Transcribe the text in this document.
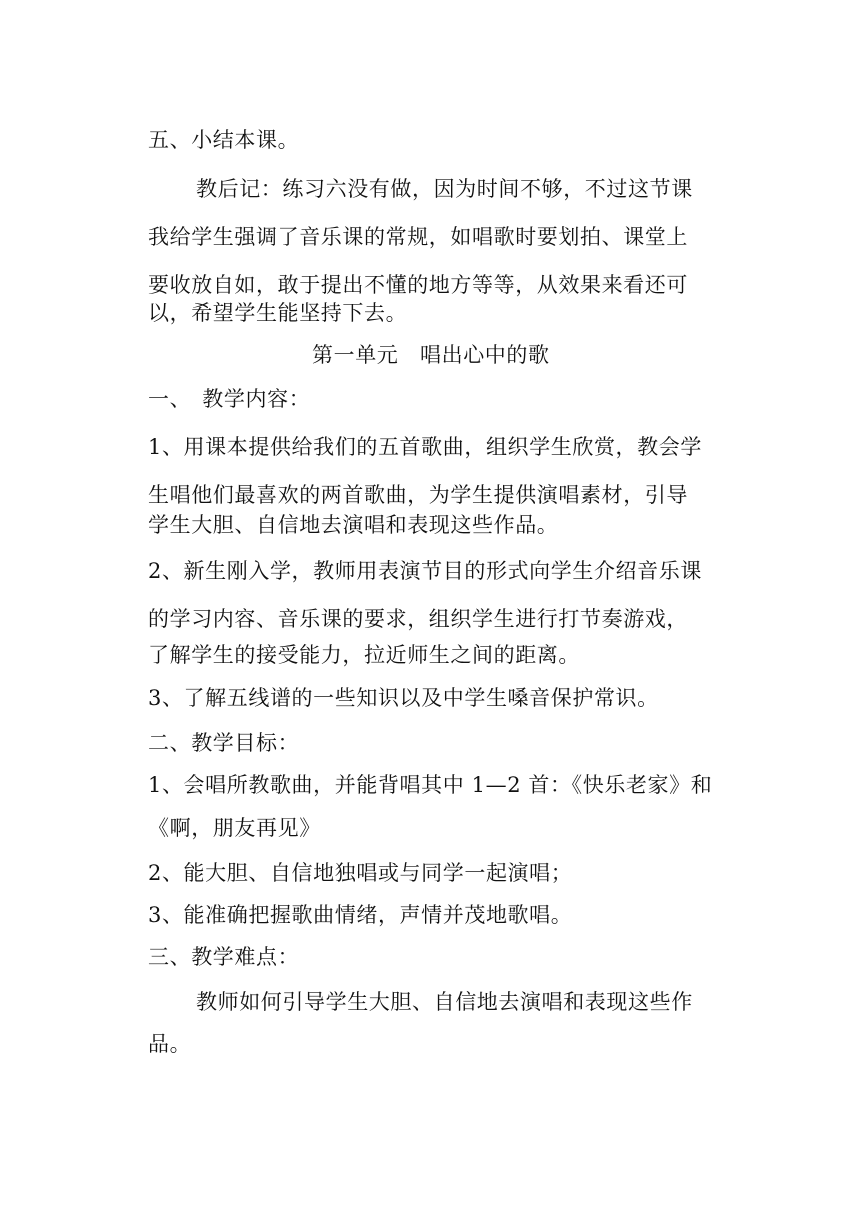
五、小结本课。
教后记：练习六没有做，因为时间不够，不过这节课
我给学生强调了音乐课的常规，如唱歌时要划拍、课堂上
要收放自如，敢于提出不懂的地方等等，从效果来看还可
以，希望学生能坚持下去。
第一单元　唱出心中的歌
一、　教学内容：
1、用课本提供给我们的五首歌曲，组织学生欣赏，教会学
生唱他们最喜欢的两首歌曲，为学生提供演唱素材，引导
学生大胆、自信地去演唱和表现这些作品。
2、新生刚入学，教师用表演节目的形式向学生介绍音乐课
的学习内容、音乐课的要求，组织学生进行打节奏游戏，
了解学生的接受能力，拉近师生之间的距离。
3、了解五线谱的一些知识以及中学生嗓音保护常识。
二、教学目标：
1、会唱所教歌曲，并能背唱其中 1—2 首：《快乐老家》和
《啊，朋友再见》
2、能大胆、自信地独唱或与同学一起演唱；
3、能准确把握歌曲情绪，声情并茂地歌唱。
三、教学难点：
教师如何引导学生大胆、自信地去演唱和表现这些作
品。
